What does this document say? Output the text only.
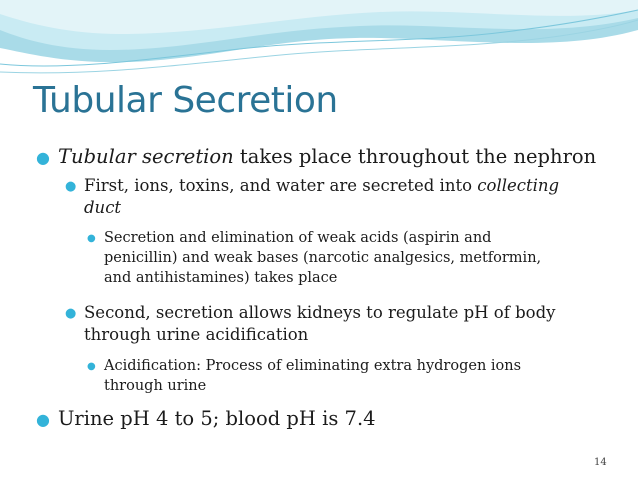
Tubular Secretion
● Tubular secretion takes place throughout the nephron
● First, ions, toxins, and water are secreted into collecting
duct
● Secretion and elimination of weak acids (aspirin and
penicillin) and weak bases (narcotic analgesics, metformin,
and antihistamines) takes place
● Second, secretion allows kidneys to regulate pH of body
through urine acidification
● Acidification: Process of eliminating extra hydrogen ions
through urine
● Urine pH 4 to 5; blood pH is 7.4
14
